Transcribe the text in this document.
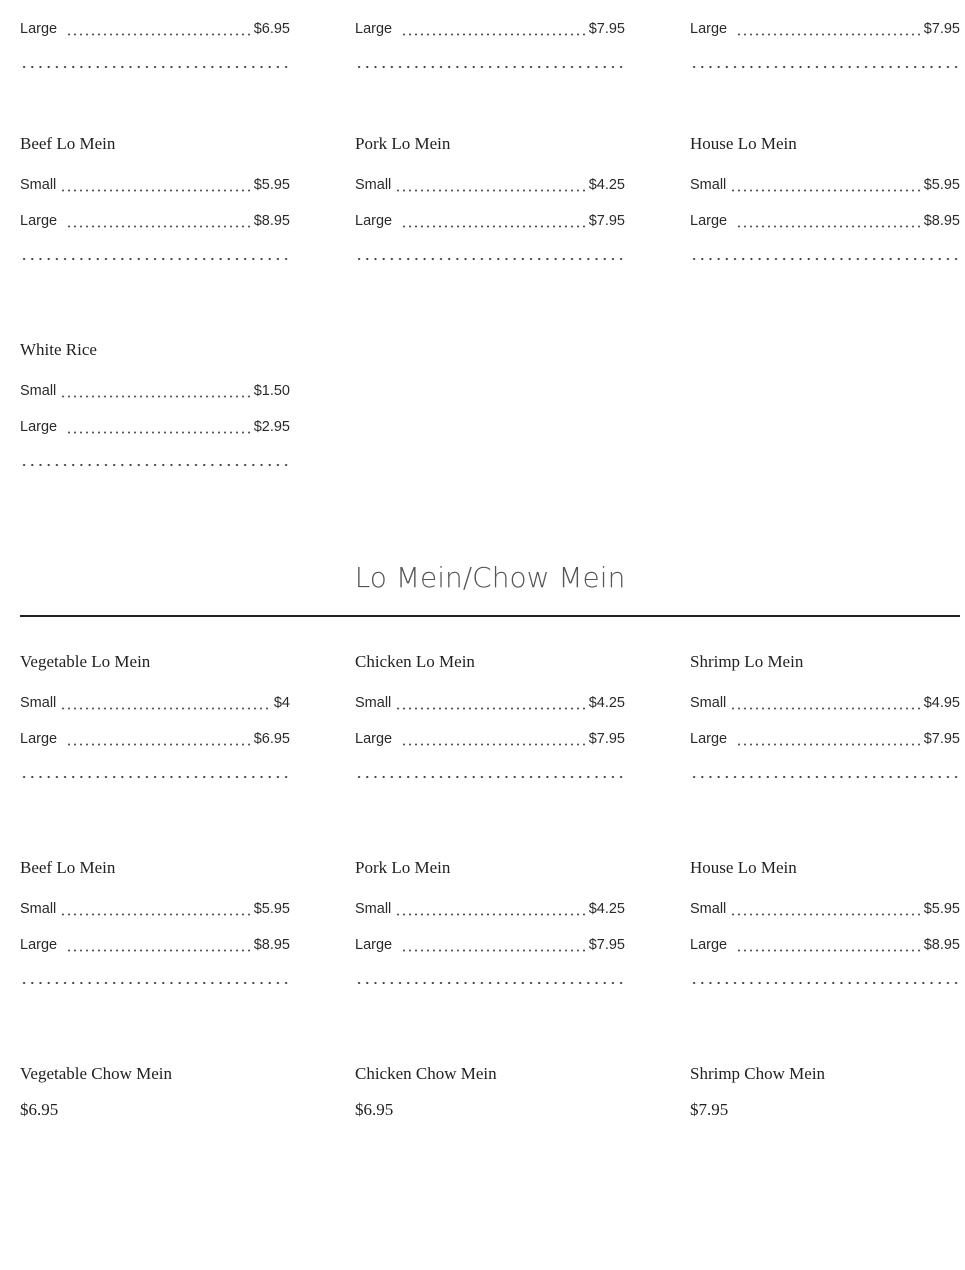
Large	$6.95	Large	$7.95	Large	$7.95
Beef Lo Mein
Small	$5.95
Large	$8.95
Pork Lo Mein
Small	$4.25
Large	$7.95
House Lo Mein
Small	$5.95
Large	$8.95
White Rice
Small	$1.50
Large	$2.95
Lo Mein/Chow Mein
Vegetable Lo Mein
Small	$4
Large	$6.95
Chicken Lo Mein
Small	$4.25
Large	$7.95
Shrimp Lo Mein
Small	$4.95
Large	$7.95
Beef Lo Mein
Small	$5.95
Large	$8.95
Pork Lo Mein
Small	$4.25
Large	$7.95
House Lo Mein
Small	$5.95
Large	$8.95
Vegetable Chow Mein
$6.95
Chicken Chow Mein
$6.95
Shrimp Chow Mein
$7.95
